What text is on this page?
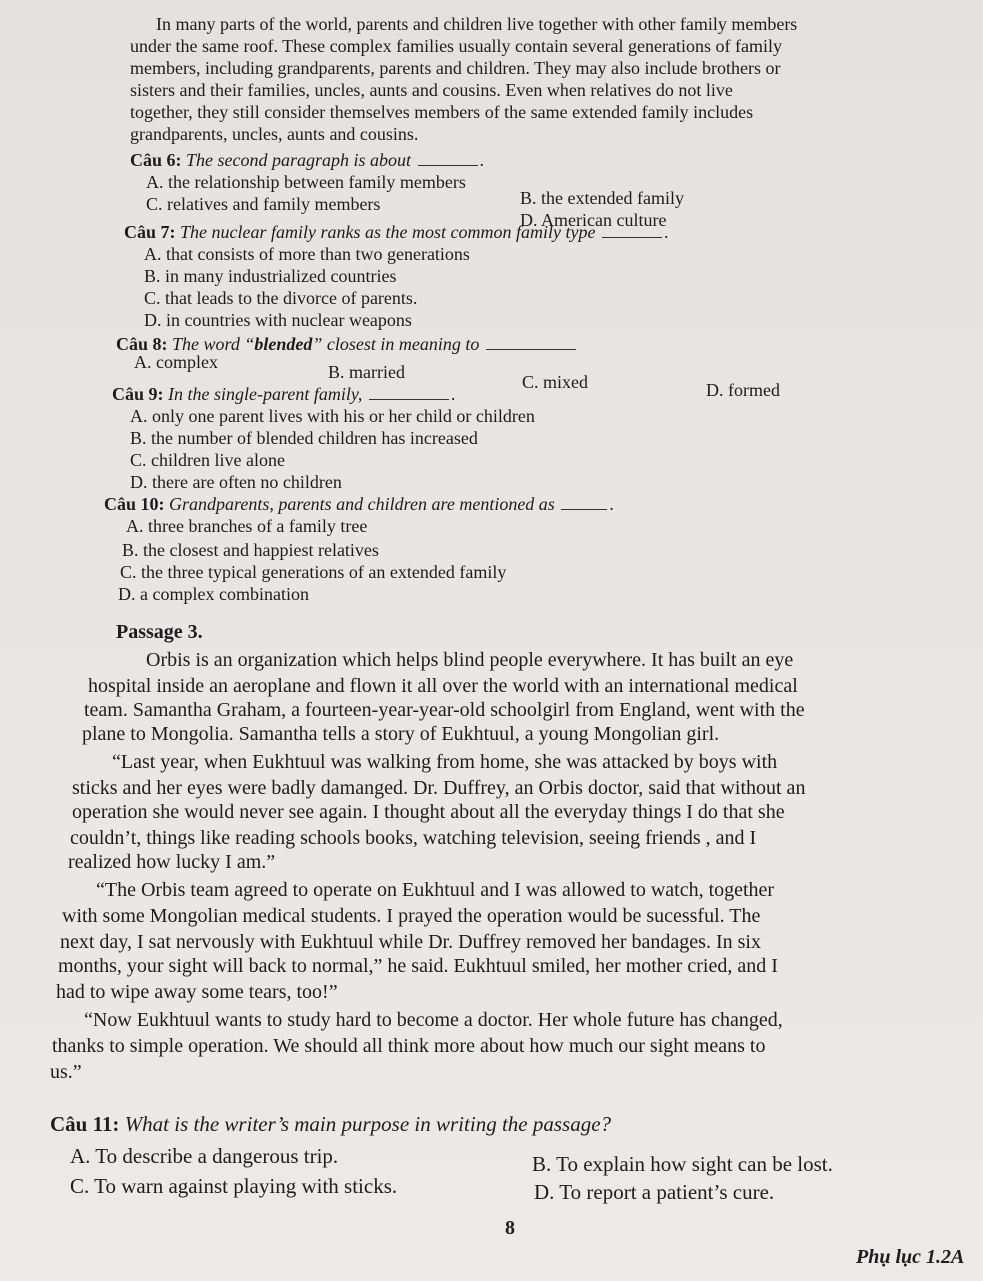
In many parts of the world, parents and children live together with other family members
under the same roof. These complex families usually contain several generations of family
members, including grandparents, parents and children. They may also include brothers or
sisters and their families, uncles, aunts and cousins. Even when relatives do not live
together, they still consider themselves members of the same extended family includes
grandparents, uncles, aunts and cousins.
Câu 6: The second paragraph is about	.
A. the relationship between family members
B. the extended family
C. relatives and family members
D. American culture
Câu 7: The nuclear family ranks as the most common family type	.
A. that consists of more than two generations
B. in many industrialized countries
C. that leads to the divorce of parents.
D. in countries with nuclear weapons
Câu 8: The word “blended” closest in meaning to
A. complex	B. married	C. mixed	D. formed
Câu 9: In the single-parent family,	.
A. only one parent lives with his or her child or children
B. the number of blended children has increased
C. children live alone
D. there are often no children
Câu 10: Grandparents, parents and children are mentioned as	.
A. three branches of a family tree
B. the closest and happiest relatives
C. the three typical generations of an extended family
D. a complex combination
Passage 3.
Orbis is an organization which helps blind people everywhere. It has built an eye
hospital inside an aeroplane and flown it all over the world with an international medical
team. Samantha Graham, a fourteen-year-year-old schoolgirl from England, went with the
plane to Mongolia. Samantha tells a story of Eukhtuul, a young Mongolian girl.
“Last year, when Eukhtuul was walking from home, she was attacked by boys with
sticks and her eyes were badly damanged. Dr. Duffrey, an Orbis doctor, said that without an
operation she would never see again. I thought about all the everyday things I do that she
couldn’t, things like reading schools books, watching television, seeing friends , and I
realized how lucky I am.”
“The Orbis team agreed to operate on Eukhtuul and I was allowed to watch, together
with some Mongolian medical students. I prayed the operation would be sucessful. The
next day, I sat nervously with Eukhtuul while Dr. Duffrey removed her bandages. In six
months, your sight will back to normal,” he said. Eukhtuul smiled, her mother cried, and I
had to wipe away some tears, too!”
“Now Eukhtuul wants to study hard to become a doctor. Her whole future has changed,
thanks to simple operation. We should all think more about how much our sight means to
us.”
Câu 11: What is the writer’s main purpose in writing the passage?
A. To describe a dangerous trip.	B. To explain how sight can be lost.
C. To warn against playing with sticks.	D. To report a patient’s cure.
8
Phụ lục 1.2A
